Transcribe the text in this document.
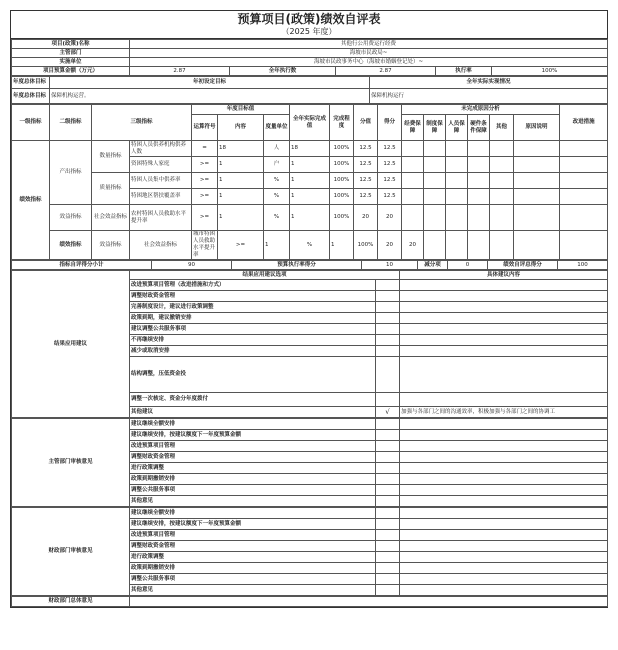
预算项目(政策)绩效自评表
（2025 年度）
项目(政策)名称	其他行公用费运行经费				
主管部门	海坡市民政局~				
实施单位	海坡市民政事务中心（海坡市婚姻登记处）~				
项目预算金额（万元）	2.87	全年执行数	2.87	执行率	100%
年度总体目标	年初设定目标	全年实际实现情况
年度总体目标	保障机构运营。	保障机构运行
一级指标	二级指标	三级指标		年度目标值			全年实际完成值	完成程度	分值	得分	未完成原因分析						改进措施	
				运算符号	内容	度量单位					经费保障	制度保障	人员保障	硬件条件保障	其他	原因说明		
绩效指标	产出指标	数量指标	特困人员供养机构供养人数	=	18	人	18	100%	12.5	12.5								
			资困特殊人家庭	>=	1	户	1	100%	12.5	12.5								
		质量指标	特困人员集中供养率	>=	1	%	1	100%	12.5	12.5								
			特困地区帮扶覆盖率	>=	1	%	1	100%	12.5	12.5								
	效益指标	社会效益指标	农村特困人员救助水平提升率	>=	1	%	1	100%	20	20								
	绩效指标	效益指标	社会效益指标	城市特困人员救助水平提升率	>=	1	%	1	100%	20	20							
指标自评得分小计	90	预算执行率得分	10	减分项	0	绩效自评总得分	100
结果应用建议	结果应用建议选项		具体建议内容
	改进预算项目管理（改进措施和方式）		
	调整财政资金管理		
	完善制度设计，建议进行政策调整		
	政策到期，建议撤销安排		
	建议调整公共服务事项		
	不再继续安排		
	减少或取消安排		
	结构调整，压低资金投		
	调整一次核定、资金分年度拨付		
	其他建议	√	加强与各部门之间的沟通效率，积极加强与各部门之间的协调工
主管部门审核意见	建议继续全额安排		
	建议继续安排，按建议额度下一年度预算金额		
	改进预算项目管理		
	调整财政资金管理		
	进行政策调整		
	政策到期撤销安排		
	调整公共服务事项		
	其他意见		
财政部门审核意见	建议继续全额安排		
	建议继续安排，按建议额度下一年度预算金额		
	改进预算项目管理		
	调整财政资金管理		
	进行政策调整		
	政策到期撤销安排		
	调整公共服务事项		
	其他意见		
财政部门总体意见	
